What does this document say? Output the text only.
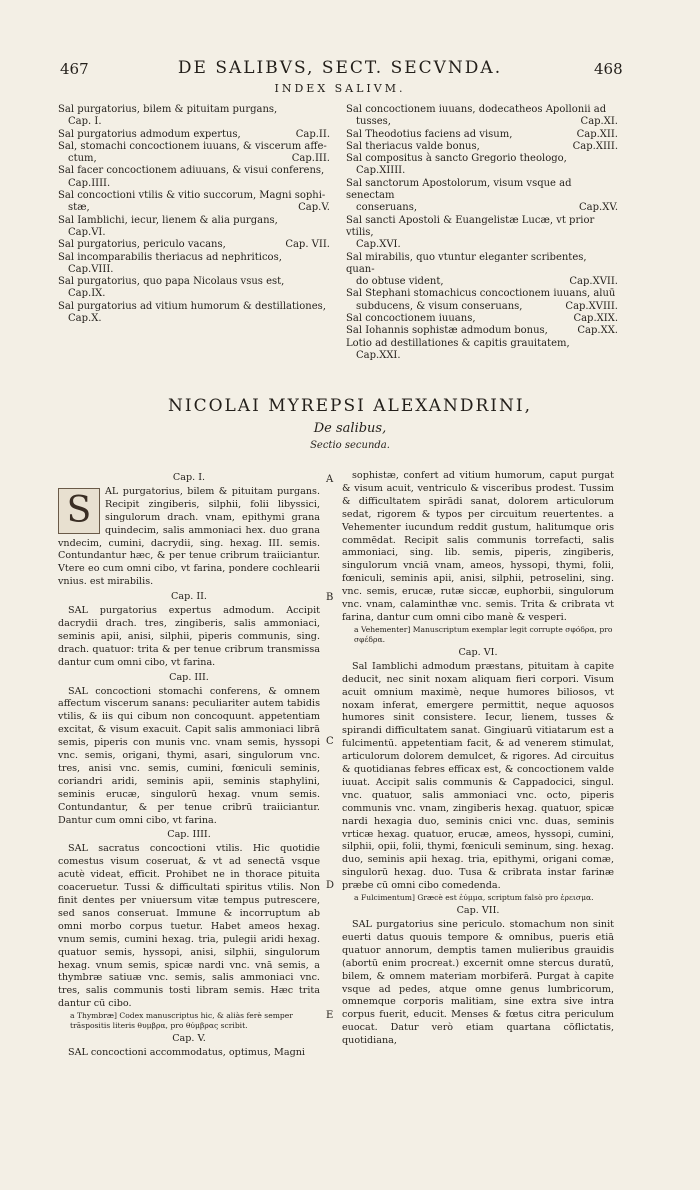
467	DE SALIBVS, SECT. SECVNDA.	468
INDEX SALIVM.

Sal purgatorius, bilem & pituitam purgans,

Cap. I.

Sal purgatorius admodum expertus,	Cap.II.

Sal, stomachi concoctionem iuuans, & viscerum affe-

ctum,	Cap.III.

Sal facer concoctionem adiuuans, & visui conferens,

Cap.IIII.

Sal concoctioni vtilis & vitio succorum, Magni sophi-

stæ,	Cap.V.

Sal Iamblichi, iecur, lienem & alia purgans,

Cap.VI.

Sal purgatorius, periculo vacans,	Cap. VII.

Sal incomparabilis theriacus ad nephriticos,

Cap.VIII.

Sal purgatorius, quo papa Nicolaus vsus est,

Cap.IX.

Sal purgatorius ad vitium humorum & destillationes,

Cap.X.

Sal concoctionem iuuans, dodecatheos Apollonii ad

tusses,	Cap.XI.

Sal Theodotius faciens ad visum,	Cap.XII.

Sal theriacus valde bonus,	Cap.XIII.

Sal compositus à sancto Gregorio theologo,

Cap.XIIII.

Sal sanctorum Apostolorum, visum vsque ad senectam

conseruans,	Cap.XV.

Sal sancti Apostoli & Euangelistæ Lucæ, vt prior vtilis,

Cap.XVI.

Sal mirabilis, quo vtuntur eleganter scribentes, quan-

do obtuse vident,	Cap.XVII.

Sal Stephani stomachicus concoctionem iuuans, aluū

subducens, & visum conseruans,	Cap.XVIII.

Sal concoctionem iuuans,	Cap.XIX.

Sal Iohannis sophistæ admodum bonus,	Cap.XX.

Lotio ad destillationes & capitis grauitatem,

Cap.XXI.

NICOLAI MYREPSI ALEXANDRINI,
De salibus,
Sectio secunda.
A
B
C
D
E

Cap. I.

S	AL purgatorius, bilem & pituitam purgans. Recipit zingiberis, silphii, folii libyssici, singulorum drach. vnam, epithymi grana quindecim, salis ammoniaci hex. duo grana vndecim, cumini, dacrydii, sing. hexag. III. semis. Contundantur hæc, & per tenue cribrum traiiciantur. Vtere eo cum omni cibo, vt farina, pondere cochlearii vnius. est mirabilis.

Cap. II.

SAL purgatorius expertus admodum. Accipit dacrydii drach. tres, zingiberis, salis ammoniaci, seminis apii, anisi, silphii, piperis communis, sing. drach. quatuor: trita & per tenue cribrum transmissa dantur cum omni cibo, vt farina.

Cap. III.

SAL concoctioni stomachi conferens, & omnem affectum viscerum sanans: peculiariter autem tabidis vtilis, & iis qui cibum non concoquunt. appetentiam excitat, & visum exacuit. Capit salis ammoniaci librā semis, piperis con munis vnc. vnam semis, hyssopi vnc. semis, origani, thymi, asari, singulorum vnc. tres, anisi vnc. semis, cumini, fœniculi seminis, coriandri aridi, seminis apii, seminis staphylini, seminis erucæ, singulorū hexag. vnum semis. Contundantur, & per tenue cribrū traiiciantur. Dantur cum omni cibo, vt farina.

Cap. IIII.

SAL sacratus concoctioni vtilis. Hic quotidie comestus visum coseruat, & vt ad senectā vsque acutè videat, efficit. Prohibet ne in thorace pituita coaceruetur. Tussi & difficultati spiritus vtilis. Non finit dentes per vniuersum vitæ tempus putrescere, sed sanos conseruat. Immune & incorruptum ab omni morbo corpus tuetur. Habet ameos hexag. vnum semis, cumini hexag. tria, pulegii aridi hexag. quatuor semis, hyssopi, anisi, silphii, singulorum hexag. vnum semis, spicæ nardi vnc. vnā semis, a thymbræ satiuæ vnc. semis, salis ammoniaci vnc. tres, salis communis tosti libram semis. Hæc trita dantur cū cibo.

a Thymbræ] Codex manuscriptus hic, & aliàs ferè semper trāspositis literis θυμβρα, pro θύμβρας scribit.

Cap. V.

SAL concoctioni accommodatus, optimus, Magni

sophistæ, confert ad vitium humorum, caput purgat & visum acuit, ventriculo & visceribus prodest. Tussim & difficultatem spirādi sanat, dolorem articulorum sedat, rigorem & typos per circuitum reuertentes. a Vehementer iucundum reddit gustum, halitumque oris commēdat. Recipit salis communis torrefacti, salis ammoniaci, sing. lib. semis, piperis, zingiberis, singulorum vnciā vnam, ameos, hyssopi, thymi, folii, fœniculi, seminis apii, anisi, silphii, petroselini, sing. vnc. semis, erucæ, rutæ siccæ, euphorbii, singulorum vnc. vnam, calaminthæ vnc. semis. Trita & cribrata vt farina, dantur cum omni cibo manè & vesperi.

a Vehementer] Manuscriptum exemplar legit corrupte σφόδρα, pro σφέδρα.

Cap. VI.

Sal Iamblichi admodum præstans, pituitam à capite deducit, nec sinit noxam aliquam fieri corpori. Visum acuit omnium maximè, neque humores biliosos, vt noxam inferat, emergere permittit, neque aquosos humores sinit consistere. Iecur, lienem, tusses & spirandi difficultatem sanat. Gingiuarū vitiatarum est a fulcimentū. appetentiam facit, & ad venerem stimulat, articulorum dolorem demulcet, & rigores. Ad circuitus & quotidianas febres efficax est, & concoctionem valde iuuat. Accipit salis communis & Cappadocici, singul. vnc. quatuor, salis ammoniaci vnc. octo, piperis communis vnc. vnam, zingiberis hexag. quatuor, spicæ nardi hexagia duo, seminis cnici vnc. duas, seminis vrticæ hexag. quatuor, erucæ, ameos, hyssopi, cumini, silphii, opii, folii, thymi, fœniculi seminum, sing. hexag. duo, seminis apii hexag. tria, epithymi, origani comæ, singulorū hexag. duo. Tusa & cribrata instar farinæ præbe cū omni cibo comedenda.

a Fulcimentum] Græcè est ἐύμμα, scriptum falsò pro ἐρεισμα.

Cap. VII.

SAL purgatorius sine periculo. stomachum non sinit euerti datus quouis tempore & omnibus, pueris etiā quatuor annorum, demptis tamen mulieribus grauidis (abortū enim procreat.) excernit omne stercus duratū, bilem, & omnem materiam morbiferā. Purgat à capite vsque ad pedes, atque omne genus lumbricorum, omnemque corporis malitiam, sine extra sive intra corpus fuerit, educit. Menses & fœtus citra periculum euocat. Datur verò etiam quartana cōflictatis, quotidiana,
